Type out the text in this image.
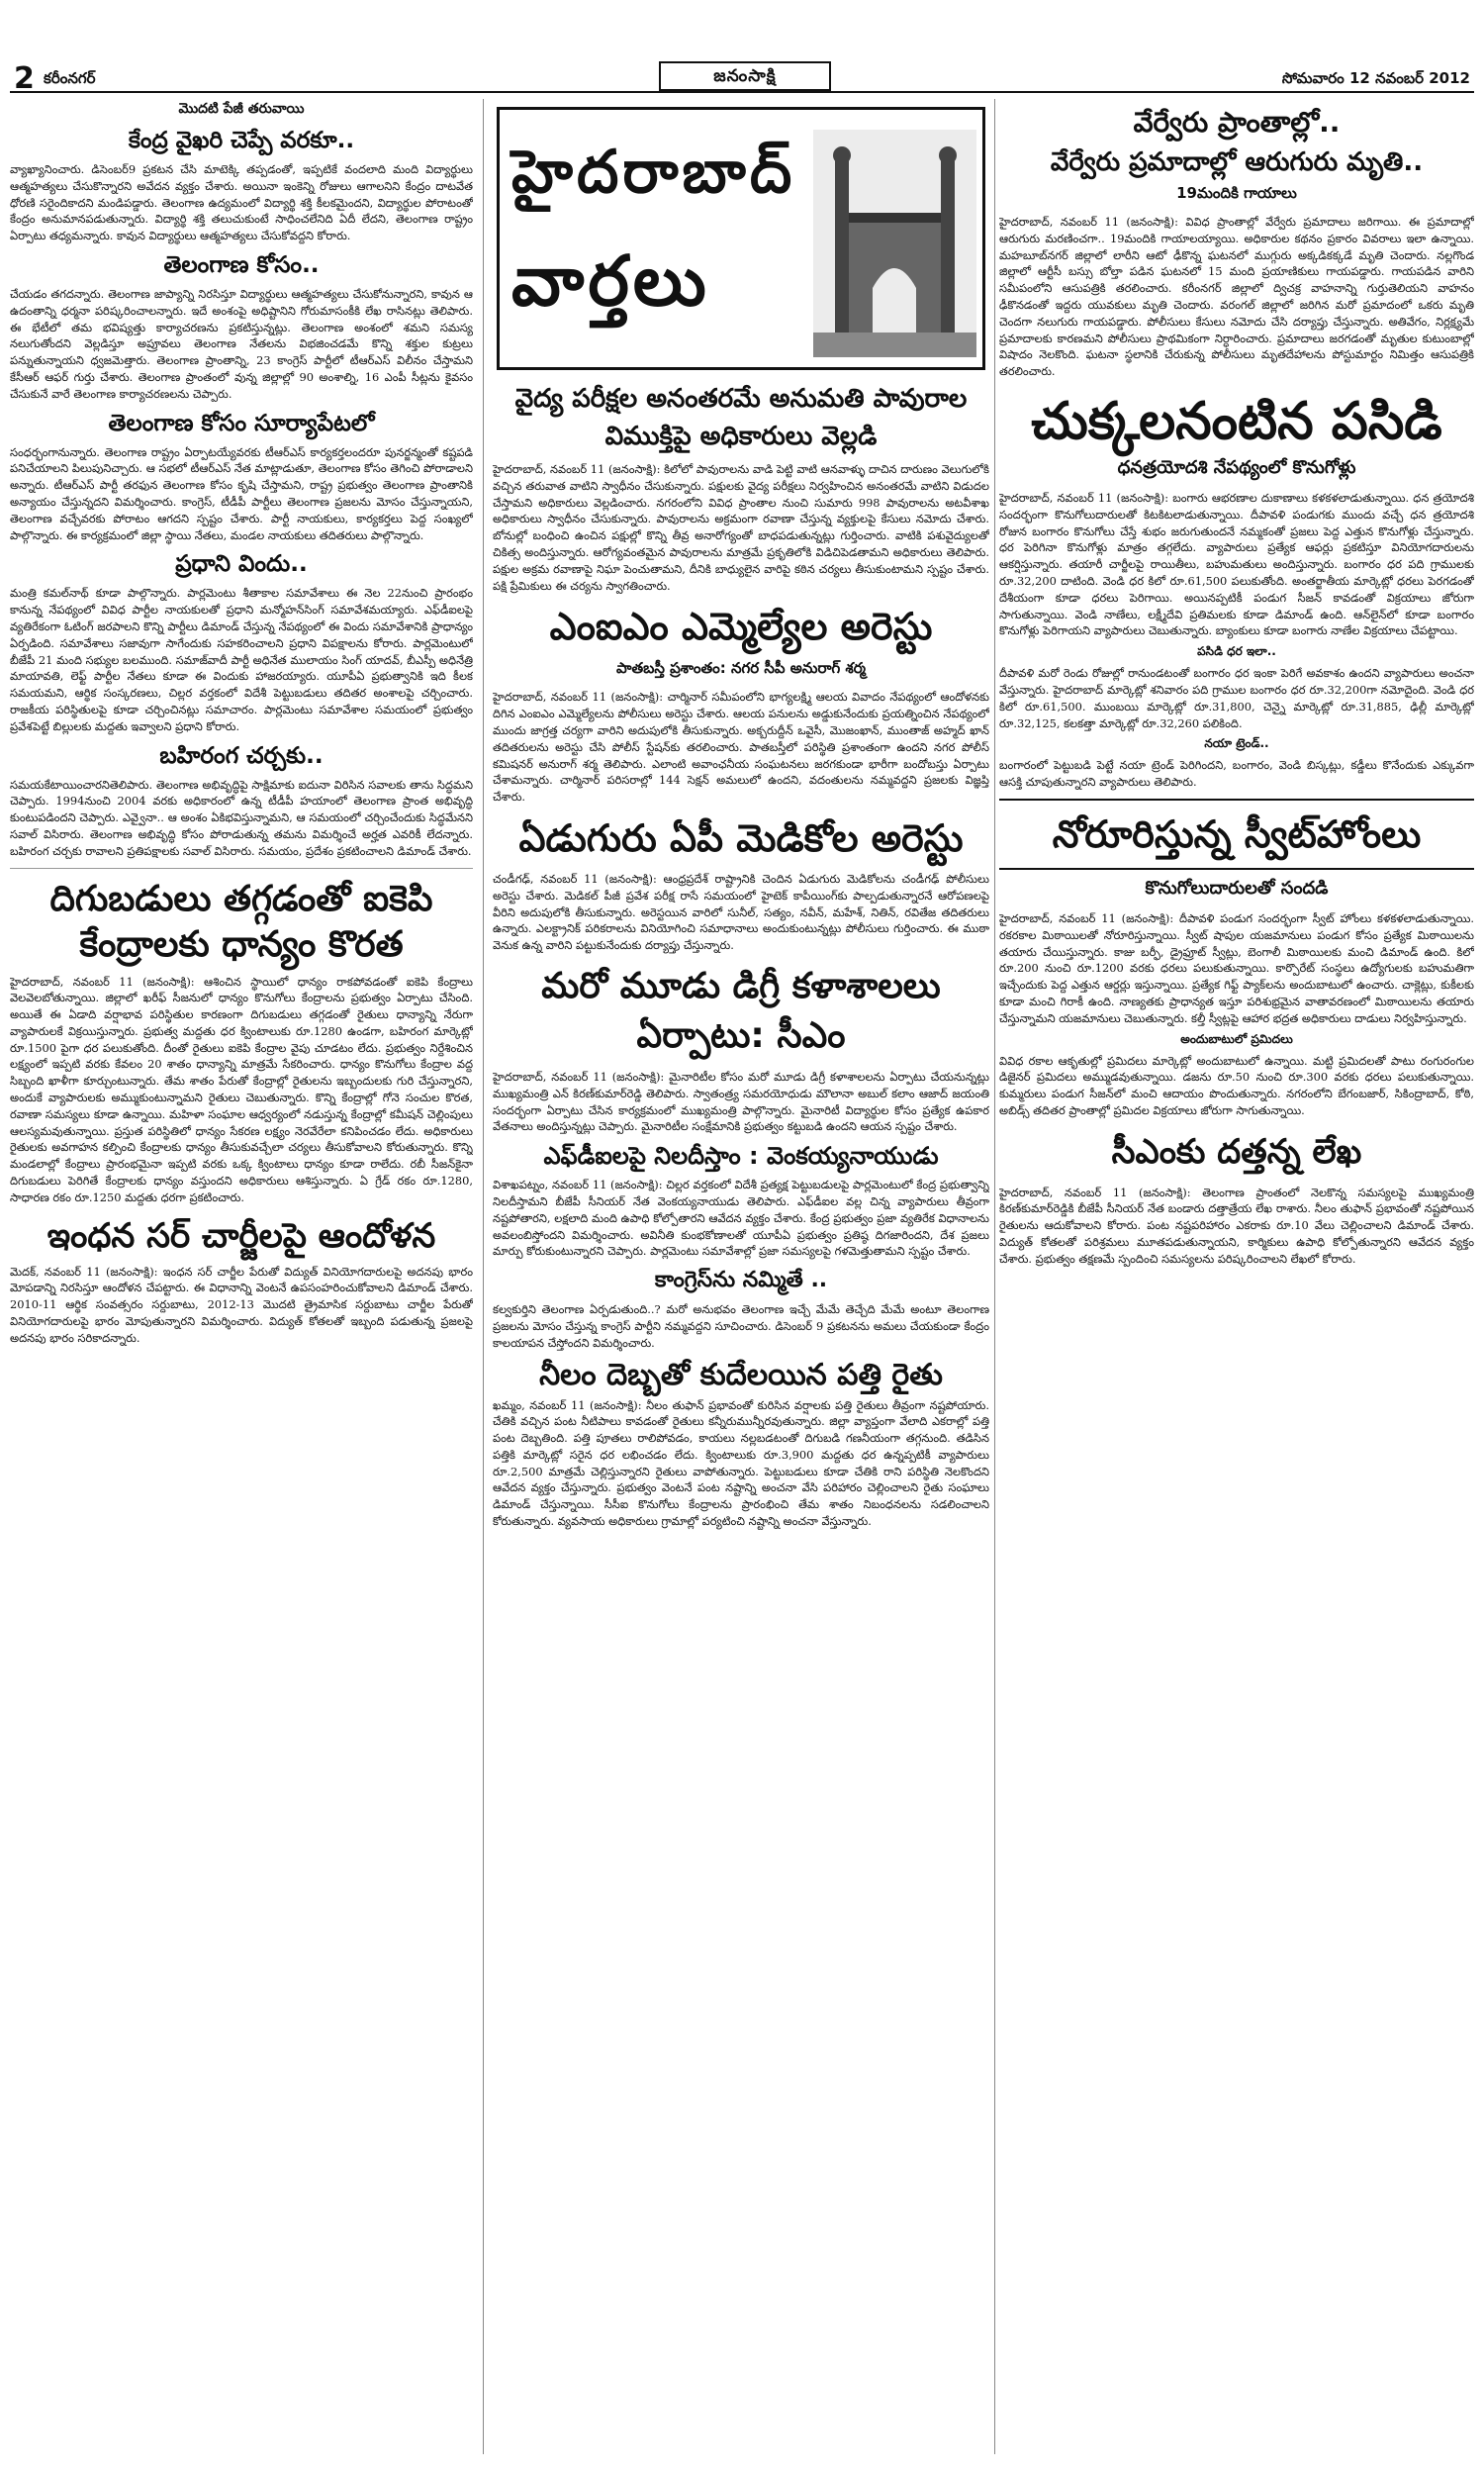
2 కరీంనగర్	జనంసాక్షి	సోమవారం 12 నవంబర్ 2012
మొదటి పేజీ తరువాయి
కేంద్ర వైఖరి చెప్పే వరకూ..

వ్యాఖ్యానించారు. డిసెంబర్‌9 ప్రకటన చేసి మాటెక్కి తప్పడంతో, ఇప్పటికే వందలాది మంది విద్యార్థులు ఆత్మహత్యలు చేసుకొన్నారని అవేదన వ్యక్తం చేశారు. అయినా ఇంకెన్ని రోజులు ఆగాలనిని కేంద్రం దాటవేత ధోరణి సరైందికాదని మండిపడ్డారు. తెలంగాణ ఉద్యమంలో విద్యార్థి శక్తి కీలకమైందని, విద్యార్థుల పోరాటంతో కేంద్రం అనుమానపడుతున్నారు. విద్యార్థి శక్తి తలుచుకుంటే సాధించలేనిది ఏదీ లేదని, తెలంగాణ రాష్ట్రం ఏర్పాటు తధ్యమన్నారు. కావున విద్యార్థులు ఆత్మహత్యలు చేసుకోవద్దని కోరారు.

తెలంగాణ కోసం..

చేయడం తగదన్నారు. తెలంగాణ జాప్యాన్ని నిరసిస్తూ విద్యార్థులు ఆత్మహత్యలు చేసుకోనున్నారని, కావున ఆ ఉదంతాన్ని ధర్మనా పరిష్కరించాలన్నారు. ఇదే అంశంపై అధిష్టానిని గోరుమాసంకీకి లేఖ రాసినట్లు తెలిపారు. ఈ భేటీలో తమ భవిష్యత్తు కార్యాచరణను ప్రకటిస్తున్నట్లు. తెలంగాణ అంశంలో శ‌మని సమస్య నలుగుతోందని వెల్లడిస్తూ అప్రూవలు తెలంగాణ నేతలను విభజించడమే కొన్ని శక్తుల కుట్రలు పన్నుతున్నాయని ధ్వజమెత్తారు. తెలంగాణ ప్రాంతాన్ని, 23 కాంగ్రెస్ పార్టీలో టీఆర్‌ఎస్ విలీనం చేస్తామని కేసీఆర్ ఆఫర్ గుర్తు చేశారు. తెలంగాణ ప్రాంతంలో వున్న జిల్లాల్లో 90 అంశాల్ని, 16 ఎంపీ సీట్లను కైవసం చేసుకునే వారే తెలంగాణ కార్యాచరణలను చెప్పారు.

తెలంగాణ కోసం సూర్యాపేటలో

సంధర్భంగానున్నారు. తెలంగాణ రాష్ట్రం ఏర్పాటయ్యేవరకు టీఆర్‌ఎస్ కార్యకర్తలందరూ పునర్జన్మంతో కష్టపడి పనిచేయాలని పిలుపునిచ్చారు. ఆ సభలో టీఆర్‌ఎస్ నేత మాట్లాడుతూ, తెలంగాణ కోసం తెగించి పోరాడాలని అన్నారు. టీఆర్‌ఎస్ పార్టీ తరఫున తెలంగాణ కోసం కృషి చేస్తామని, రాష్ట్ర ప్రభుత్వం తెలంగాణ ప్రాంతానికి అన్యాయం చేస్తున్నదని విమర్శించారు. కాంగ్రెస్, టీడీపీ పార్టీలు తెలంగాణ ప్రజలను మోసం చేస్తున్నాయని, తెలంగాణ వచ్చేవరకు పోరాటం ఆగదని స్పష్టం చేశారు. పార్టీ నాయకులు, కార్యకర్తలు పెద్ద సంఖ్యలో పాల్గొన్నారు. ఈ కార్యక్రమంలో జిల్లా స్థాయి నేతలు, మండల నాయకులు తదితరులు పాల్గొన్నారు.

ప్రధాని విందు..

మంత్రి కమల్‌నాథ్ కూడా పాల్గొన్నారు. పార్లమెంటు శీతాకాల సమావేశాలు ఈ నెల 22నుంచి ప్రారంభం కానున్న నేపథ్యంలో వివిధ పార్టీల నాయకులతో ప్రధాని మన్మోహన్‌సింగ్ సమావేశమయ్యారు. ఎఫ్‌డీఐలపై వ్యతిరేకంగా ఓటింగ్ జరపాలని కొన్ని పార్టీలు డిమాండ్ చేస్తున్న నేపథ్యంలో ఈ విందు సమావేశానికి ప్రాధాన్యం ఏర్పడింది. సమావేశాలు సజావుగా సాగేందుకు సహకరించాలని ప్రధాని విపక్షాలను కోరారు. పార్లమెంటులో బీజేపీ 21 మంది సభ్యుల బలముంది. సమాజ్‌వాదీ పార్టీ అధినేత ములాయం సింగ్ యాదవ్, బీఎస్పీ అధినేత్రి మాయావతి, లెఫ్ట్ పార్టీల నేతలు కూడా ఈ విందుకు హాజరయ్యారు. యూపీఏ ప్రభుత్వానికి ఇది కీలక సమయమని, ఆర్థిక సంస్కరణలు, చిల్లర వర్తకంలో విదేశీ పెట్టుబడులు తదితర అంశాలపై చర్చించారు. రాజకీయ పరిస్థితులపై కూడా చర్చించినట్లు సమాచారం. పార్లమెంటు సమావేశాల సమయంలో ప్రభుత్వం ప్రవేశపెట్టే బిల్లులకు మద్దతు ఇవ్వాలని ప్రధాని కోరారు.

బహిరంగ చర్చకు..

సమయకేటాయించారనితెలిపారు. తెలంగాణ అభివృద్ధిపై సాక్షిమాకు ఐదునా విరిసిన సవాలకు తాను సిద్ధమని చెప్పారు. 1994నుంచి 2004 వరకు అధికారంలో ఉన్న టీడీపీ హయాంలో తెలంగాణ ప్రాంత అభివృద్ధి కుంటుపడిందని చెప్పారు. ఎవ్వైనా.. ఆ అంశం ఏకిభవిస్తున్నామని, ఆ సమయంలో చర్చించేందుకు సిద్ధమేనని సవాల్ విసిరారు. తెలంగాణ అభివృద్ధి కోసం పోరాడుతున్న తమను విమర్శించే అర్హత ఎవరికీ లేదన్నారు. బహిరంగ చర్చకు రావాలని ప్రతిపక్షాలకు సవాల్ విసిరారు. సమయం, ప్రదేశం ప్రకటించాలని డిమాండ్ చేశారు.

దిగుబడులు తగ్గడంతో ఐకెపి కేంద్రాలకు ధాన్యం కొరత

హైదరాబాద్, నవంబర్ 11 (జనంసాక్షి): ఆశించిన స్థాయిలో ధాన్యం రాకపోవడంతో ఐకెపి కేంద్రాలు వెలవెలబోతున్నాయి. జిల్లాలో ఖరీఫ్ సీజనులో ధాన్యం కొనుగోలు కేంద్రాలను ప్రభుత్వం ఏర్పాటు చేసింది. అయితే ఈ ఏడాది వర్షాభావ పరిస్థితుల కారణంగా దిగుబడులు తగ్గడంతో రైతులు ధాన్యాన్ని నేరుగా వ్యాపారులకే విక్రయిస్తున్నారు. ప్రభుత్వ మద్దతు ధర క్వింటాలుకు రూ.1280 ఉండగా, బహిరంగ మార్కెట్లో రూ.1500 పైగా ధర పలుకుతోంది. దీంతో రైతులు ఐకెపి కేంద్రాల వైపు చూడటం లేదు. ప్రభుత్వం నిర్దేశించిన లక్ష్యంలో ఇప్పటి వరకు కేవలం 20 శాతం ధాన్యాన్ని మాత్రమే సేకరించారు. ధాన్యం కొనుగోలు కేంద్రాల వద్ద సిబ్బంది ఖాళీగా కూర్చుంటున్నారు. తేమ శాతం పేరుతో కేంద్రాల్లో రైతులను ఇబ్బందులకు గురి చేస్తున్నారని, అందుకే వ్యాపారులకు అమ్ముకుంటున్నామని రైతులు చెబుతున్నారు. కొన్ని కేంద్రాల్లో గోనె సంచుల కొరత, రవాణా సమస్యలు కూడా ఉన్నాయి. మహిళా సంఘాల ఆధ్వర్యంలో నడుస్తున్న కేంద్రాల్లో కమీషన్ చెల్లింపులు ఆలస్యమవుతున్నాయి. ప్రస్తుత పరిస్థితిలో ధాన్యం సేకరణ లక్ష్యం నెరవేరేలా కనిపించడం లేదు. అధికారులు రైతులకు అవగాహన కల్పించి కేంద్రాలకు ధాన్యం తీసుకువచ్చేలా చర్యలు తీసుకోవాలని కోరుతున్నారు. కొన్ని మండలాల్లో కేంద్రాలు ప్రారంభమైనా ఇప్పటి వరకు ఒక్క క్వింటాలు ధాన్యం కూడా రాలేదు. రబీ సీజన్‌కైనా దిగుబడులు పెరిగితే కేంద్రాలకు ధాన్యం వస్తుందని అధికారులు ఆశిస్తున్నారు. ఏ గ్రేడ్ రకం రూ.1280, సాధారణ రకం రూ.1250 మద్దతు ధరగా ప్రకటించారు.

ఇంధన సర్ చార్జీలపై ఆందోళన

మెదక్, నవంబర్ 11 (జనంసాక్షి): ఇంధన సర్ చార్జీల పేరుతో విద్యుత్ వినియోగదారులపై అదనపు భారం మోపడాన్ని నిరసిస్తూ ఆందోళన చేపట్టారు. ఈ విధానాన్ని వెంటనే ఉపసంహరించుకోవాలని డిమాండ్ చేశారు. 2010-11 ఆర్థిక సంవత్సరం సర్దుబాటు, 2012-13 మొదటి త్రైమాసిక సర్దుబాటు చార్జీల పేరుతో వినియోగదారులపై భారం మోపుతున్నారని విమర్శించారు. విద్యుత్ కోతలతో ఇబ్బంది పడుతున్న ప్రజలపై అదనపు భారం సరికాదన్నారు.

హైదరాబాద్
వార్తలు
వైద్య పరీక్షల అనంతరమే అనుమతి పావురాల విముక్తిపై అధికారులు వెల్లడి

హైదరాబాద్, నవంబర్ 11 (జనంసాక్షి): కిలోలో పావురాలను వాడి పెట్టి వాటి ఆనవాళ్ళు దాచిన దారుణం వెలుగులోకి వచ్చిన తరువాత వాటిని స్వాధీనం చేసుకున్నారు. పక్షులకు వైద్య పరీక్షలు నిర్వహించిన అనంతరమే వాటిని విడుదల చేస్తామని అధికారులు వెల్లడించారు. నగరంలోని వివిధ ప్రాంతాల నుంచి సుమారు 998 పావురాలను అటవీశాఖ అధికారులు స్వాధీనం చేసుకున్నారు. పావురాలను అక్రమంగా రవాణా చేస్తున్న వ్యక్తులపై కేసులు నమోదు చేశారు. బోనుల్లో బంధించి ఉంచిన పక్షుల్లో కొన్ని తీవ్ర అనారోగ్యంతో బాధపడుతున్నట్లు గుర్తించారు. వాటికి పశువైద్యులతో చికిత్స అందిస్తున్నారు. ఆరోగ్యవంతమైన పావురాలను మాత్రమే ప్రకృతిలోకి విడిచిపెడతామని అధికారులు తెలిపారు. పక్షుల అక్రమ రవాణాపై నిఘా పెంచుతామని, దీనికి బాధ్యులైన వారిపై కఠిన చర్యలు తీసుకుంటామని స్పష్టం చేశారు. పక్షి ప్రేమికులు ఈ చర్యను స్వాగతించారు.

ఎంఐఎం ఎమ్మెల్యేల అరెస్టు
పాతబస్తీ ప్రశాంతం: నగర సీపీ అనురాగ్ శర్మ

హైదరాబాద్, నవంబర్ 11 (జనంసాక్షి): చార్మినార్ సమీపంలోని భాగ్యలక్ష్మి ఆలయ వివాదం నేపథ్యంలో ఆందోళనకు దిగిన ఎంఐఎం ఎమ్మెల్యేలను పోలీసులు అరెస్టు చేశారు. ఆలయ పనులను అడ్డుకునేందుకు ప్రయత్నించిన నేపథ్యంలో ముందు జాగ్రత్త చర్యగా వారిని అదుపులోకి తీసుకున్నారు. అక్బరుద్దీన్ ఒవైసీ, మొజంఖాన్, ముంతాజ్ అహ్మద్ ఖాన్ తదితరులను అరెస్టు చేసి పోలీస్ స్టేషన్‌కు తరలించారు. పాతబస్తీలో పరిస్థితి ప్రశాంతంగా ఉందని నగర పోలీస్ కమిషనర్ అనురాగ్ శర్మ తెలిపారు. ఎలాంటి అవాంఛనీయ సంఘటనలు జరగకుండా భారీగా బందోబస్తు ఏర్పాటు చేశామన్నారు. చార్మినార్ పరిసరాల్లో 144 సెక్షన్ అమలులో ఉందని, వదంతులను నమ్మవద్దని ప్రజలకు విజ్ఞప్తి చేశారు.

ఏడుగురు ఏపీ మెడికోల అరెస్టు

చండీగఢ్, నవంబర్ 11 (జనంసాక్షి): ఆంధ్రప్రదేశ్ రాష్ట్రానికి చెందిన ఏడుగురు మెడికోలను చండీగఢ్ పోలీసులు అరెస్టు చేశారు. మెడికల్ పీజీ ప్రవేశ పరీక్ష రాసే సమయంలో హైటెక్ కాపీయింగ్‌కు పాల్పడుతున్నారనే ఆరోపణలపై వీరిని అదుపులోకి తీసుకున్నారు. అరెస్టయిన వారిలో సునీల్, సత్యం, నవీన్, మహేశ్, నితిన్, రవితేజ తదితరులు ఉన్నారు. ఎలక్ట్రానిక్ పరికరాలను వినియోగించి సమాధానాలు అందుకుంటున్నట్లు పోలీసులు గుర్తించారు. ఈ ముఠా వెనుక ఉన్న వారిని పట్టుకునేందుకు దర్యాప్తు చేస్తున్నారు.

మరో మూడు డిగ్రీ కళాశాలలు ఏర్పాటు: సీఎం

హైదరాబాద్, నవంబర్ 11 (జనంసాక్షి): మైనారిటీల కోసం మరో మూడు డిగ్రీ కళాశాలలను ఏర్పాటు చేయనున్నట్లు ముఖ్యమంత్రి ఎన్ కిరణ్‌కుమార్‌రెడ్డి తెలిపారు. స్వాతంత్ర్య సమరయోధుడు మౌలానా అబుల్ కలాం ఆజాద్ జయంతి సందర్భంగా ఏర్పాటు చేసిన కార్యక్రమంలో ముఖ్యమంత్రి పాల్గొన్నారు. మైనారిటీ విద్యార్థుల కోసం ప్రత్యేక ఉపకార వేతనాలు అందిస్తున్నట్లు చెప్పారు. మైనారిటీల సంక్షేమానికి ప్రభుత్వం కట్టుబడి ఉందని ఆయన స్పష్టం చేశారు.

ఎఫ్‌డీఐలపై నిలదీస్తాం : వెంకయ్యనాయుడు

విశాఖపట్నం, నవంబర్ 11 (జనంసాక్షి): చిల్లర వర్తకంలో విదేశీ ప్రత్యక్ష పెట్టుబడులపై పార్లమెంటులో కేంద్ర ప్రభుత్వాన్ని నిలదీస్తామని బీజేపీ సీనియర్ నేత వెంకయ్యనాయుడు తెలిపారు. ఎఫ్‌డీఐల వల్ల చిన్న వ్యాపారులు తీవ్రంగా నష్టపోతారని, లక్షలాది మంది ఉపాధి కోల్పోతారని ఆవేదన వ్యక్తం చేశారు. కేంద్ర ప్రభుత్వం ప్రజా వ్యతిరేక విధానాలను అవలంబిస్తోందని విమర్శించారు. అవినీతి కుంభకోణాలతో యూపీఏ ప్రభుత్వం ప్రతిష్ఠ దిగజారిందని, దేశ ప్రజలు మార్పు కోరుకుంటున్నారని చెప్పారు. పార్లమెంటు సమావేశాల్లో ప్రజా సమస్యలపై గళమెత్తుతామని స్పష్టం చేశారు.

కాంగ్రెస్‌ను నమ్మితే ..

కల్వకుర్తిని తెలంగాణ ఏర్పడుతుంది..? మరో అనుభవం తెలంగాణ ఇచ్చే మేమే తెచ్చేది మేమే అంటూ తెలంగాణ ప్రజలను మోసం చేస్తున్న కాంగ్రెస్ పార్టీని నమ్మవద్దని సూచించారు. డిసెంబర్ 9 ప్రకటనను అమలు చేయకుండా కేంద్రం కాలయాపన చేస్తోందని విమర్శించారు.

నీలం దెబ్బతో కుదేలయిన పత్తి రైతు

ఖమ్మం, నవంబర్ 11 (జనంసాక్షి): నీలం తుఫాన్ ప్రభావంతో కురిసిన వర్షాలకు పత్తి రైతులు తీవ్రంగా నష్టపోయారు. చేతికి వచ్చిన పంట నీటిపాలు కావడంతో రైతులు కన్నీరుమున్నీరవుతున్నారు. జిల్లా వ్యాప్తంగా వేలాది ఎకరాల్లో పత్తి పంట దెబ్బతింది. పత్తి పూతలు రాలిపోవడం, కాయలు నల్లబడటంతో దిగుబడి గణనీయంగా తగ్గనుంది. తడిసిన పత్తికి మార్కెట్లో సరైన ధర లభించడం లేదు. క్వింటాలుకు రూ.3,900 మద్దతు ధర ఉన్నప్పటికీ వ్యాపారులు రూ.2,500 మాత్రమే చెల్లిస్తున్నారని రైతులు వాపోతున్నారు. పెట్టుబడులు కూడా చేతికి రాని పరిస్థితి నెలకొందని ఆవేదన వ్యక్తం చేస్తున్నారు. ప్రభుత్వం వెంటనే పంట నష్టాన్ని అంచనా వేసి పరిహారం చెల్లించాలని రైతు సంఘాలు డిమాండ్ చేస్తున్నాయి. సీసీఐ కొనుగోలు కేంద్రాలను ప్రారంభించి తేమ శాతం నిబంధనలను సడలించాలని కోరుతున్నారు. వ్యవసాయ అధికారులు గ్రామాల్లో పర్యటించి నష్టాన్ని అంచనా వేస్తున్నారు.

వేర్వేరు ప్రాంతాల్లో..
వేర్వేరు ప్రమాదాల్లో ఆరుగురు మృతి..
19మందికి గాయాలు

హైదరాబాద్, నవంబర్ 11 (జనంసాక్షి): వివిధ ప్రాంతాల్లో వేర్వేరు ప్రమాదాలు జరిగాయి. ఈ ప్రమాదాల్లో ఆరుగురు మరణించగా.. 19మందికి గాయాలయ్యాయి. అధికారుల కథనం ప్రకారం వివరాలు ఇలా ఉన్నాయి. మహబూబ్‌నగర్ జిల్లాలో లారీని ఆటో ఢీకొన్న ఘటనలో ముగ్గురు అక్కడికక్కడే మృతి చెందారు. నల్లగొండ జిల్లాలో ఆర్టీసీ బస్సు బోల్తా పడిన ఘటనలో 15 మంది ప్రయాణికులు గాయపడ్డారు. గాయపడిన వారిని సమీపంలోని ఆసుపత్రికి తరలించారు. కరీంనగర్ జిల్లాలో ద్విచక్ర వాహనాన్ని గుర్తుతెలియని వాహనం ఢీకొనడంతో ఇద్దరు యువకులు మృతి చెందారు. వరంగల్ జిల్లాలో జరిగిన మరో ప్రమాదంలో ఒకరు మృతి చెందగా నలుగురు గాయపడ్డారు. పోలీసులు కేసులు నమోదు చేసి దర్యాప్తు చేస్తున్నారు. అతివేగం, నిర్లక్ష్యమే ప్రమాదాలకు కారణమని పోలీసులు ప్రాథమికంగా నిర్ధారించారు. ప్రమాదాలు జరగడంతో మృతుల కుటుంబాల్లో విషాదం నెలకొంది. ఘటనా స్థలానికి చేరుకున్న పోలీసులు మృతదేహాలను పోస్టుమార్టం నిమిత్తం ఆసుపత్రికి తరలించారు.

చుక్కలనంటిన పసిడి
ధనత్రయోదశి నేపథ్యంలో కొనుగోళ్లు

హైదరాబాద్, నవంబర్ 11 (జనంసాక్షి): బంగారు ఆభరణాల దుకాణాలు కళకళలాడుతున్నాయి. ధన త్రయోదశి సందర్భంగా కొనుగోలుదారులతో కిటకిటలాడుతున్నాయి. దీపావళి పండుగకు ముందు వచ్చే ధన త్రయోదశి రోజున బంగారం కొనుగోలు చేస్తే శుభం జరుగుతుందనే నమ్మకంతో ప్రజలు పెద్ద ఎత్తున కొనుగోళ్లు చేస్తున్నారు. ధర పెరిగినా కొనుగోళ్లు మాత్రం తగ్గలేదు. వ్యాపారులు ప్రత్యేక ఆఫర్లు ప్రకటిస్తూ వినియోగదారులను ఆకర్షిస్తున్నారు. తయారీ చార్జీలపై రాయితీలు, బహుమతులు అందిస్తున్నారు. బంగారం ధర పది గ్రాములకు రూ.32,200 దాటింది. వెండి ధర కిలో రూ.61,500 పలుకుతోంది. అంతర్జాతీయ మార్కెట్లో ధరలు పెరగడంతో దేశీయంగా కూడా ధరలు పెరిగాయి. అయినప్పటికీ పండుగ సీజన్ కావడంతో విక్రయాలు జోరుగా సాగుతున్నాయి. వెండి నాణేలు, లక్ష్మీదేవి ప్రతిమలకు కూడా డిమాండ్ ఉంది. ఆన్‌లైన్‌లో కూడా బంగారం కొనుగోళ్లు పెరిగాయని వ్యాపారులు చెబుతున్నారు. బ్యాంకులు కూడా బంగారు నాణేల విక్రయాలు చేపట్టాయి.

పసిడి ధర ఇలా..

దీపావళి మరో రెండు రోజుల్లో రానుండటంతో బంగారం ధర ఇంకా పెరిగే అవకాశం ఉందని వ్యాపారులు అంచనా వేస్తున్నారు. హైదరాబాద్ మార్కెట్లో శనివారం పది గ్రాముల బంగారం ధర రూ.32,200గా నమోదైంది. వెండి ధర కిలో రూ.61,500. ముంబయి మార్కెట్లో రూ.31,800, చెన్నై మార్కెట్లో రూ.31,885, ఢిల్లీ మార్కెట్లో రూ.32,125, కలకత్తా మార్కెట్లో రూ.32,260 పలికింది.

నయా ట్రెండ్..

బంగారంలో పెట్టుబడి పెట్టే నయా ట్రెండ్ పెరిగిందని, బంగారం, వెండి బిస్కట్లు, కడ్డీలు కొనేందుకు ఎక్కువగా ఆసక్తి చూపుతున్నారని వ్యాపారులు తెలిపారు.

నోరూరిస్తున్న స్వీట్‌హోంలు
కొనుగోలుదారులతో సందడి

హైదరాబాద్, నవంబర్ 11 (జనంసాక్షి): దీపావళి పండుగ సందర్భంగా స్వీట్ హోంలు కళకళలాడుతున్నాయి. రకరకాల మిఠాయిలతో నోరూరిస్తున్నాయి. స్వీట్ షాపుల యజమానులు పండుగ కోసం ప్రత్యేక మిఠాయిలను తయారు చేయిస్తున్నారు. కాజు బర్ఫీ, డ్రైఫ్రూట్ స్వీట్లు, బెంగాలీ మిఠాయిలకు మంచి డిమాండ్ ఉంది. కిలో రూ.200 నుంచి రూ.1200 వరకు ధరలు పలుకుతున్నాయి. కార్పొరేట్ సంస్థలు ఉద్యోగులకు బహుమతిగా ఇచ్చేందుకు పెద్ద ఎత్తున ఆర్డర్లు ఇస్తున్నాయి. ప్రత్యేక గిఫ్ట్ ప్యాక్‌లను అందుబాటులో ఉంచారు. చాక్లెట్లు, కుకీలకు కూడా మంచి గిరాకీ ఉంది. నాణ్యతకు ప్రాధాన్యత ఇస్తూ పరిశుభ్రమైన వాతావరణంలో మిఠాయిలను తయారు చేస్తున్నామని యజమానులు చెబుతున్నారు. కల్తీ స్వీట్లపై ఆహార భద్రత అధికారులు దాడులు నిర్వహిస్తున్నారు.

అందుబాటులో ప్రమిదలు

వివిధ రకాల ఆకృతుల్లో ప్రమిదలు మార్కెట్లో అందుబాటులో ఉన్నాయి. మట్టి ప్రమిదలతో పాటు రంగురంగుల డిజైనర్ ప్రమిదలు అమ్ముడవుతున్నాయి. డజను రూ.50 నుంచి రూ.300 వరకు ధరలు పలుకుతున్నాయి. కుమ్మరులు పండుగ సీజన్‌లో మంచి ఆదాయం పొందుతున్నారు. నగరంలోని బేగంబజార్, సికింద్రాబాద్, కోఠి, అబిడ్స్ తదితర ప్రాంతాల్లో ప్రమిదల విక్రయాలు జోరుగా సాగుతున్నాయి.

సీఎంకు దత్తన్న లేఖ

హైదరాబాద్, నవంబర్ 11 (జనంసాక్షి): తెలంగాణ ప్రాంతంలో నెలకొన్న సమస్యలపై ముఖ్యమంత్రి కిరణ్‌కుమార్‌రెడ్డికి బీజేపీ సీనియర్ నేత బండారు దత్తాత్రేయ లేఖ రాశారు. నీలం తుఫాన్ ప్రభావంతో నష్టపోయిన రైతులను ఆదుకోవాలని కోరారు. పంట నష్టపరిహారం ఎకరాకు రూ.10 వేలు చెల్లించాలని డిమాండ్ చేశారు. విద్యుత్ కోతలతో పరిశ్రమలు మూతపడుతున్నాయని, కార్మికులు ఉపాధి కోల్పోతున్నారని ఆవేదన వ్యక్తం చేశారు. ప్రభుత్వం తక్షణమే స్పందించి సమస్యలను పరిష్కరించాలని లేఖలో కోరారు.
